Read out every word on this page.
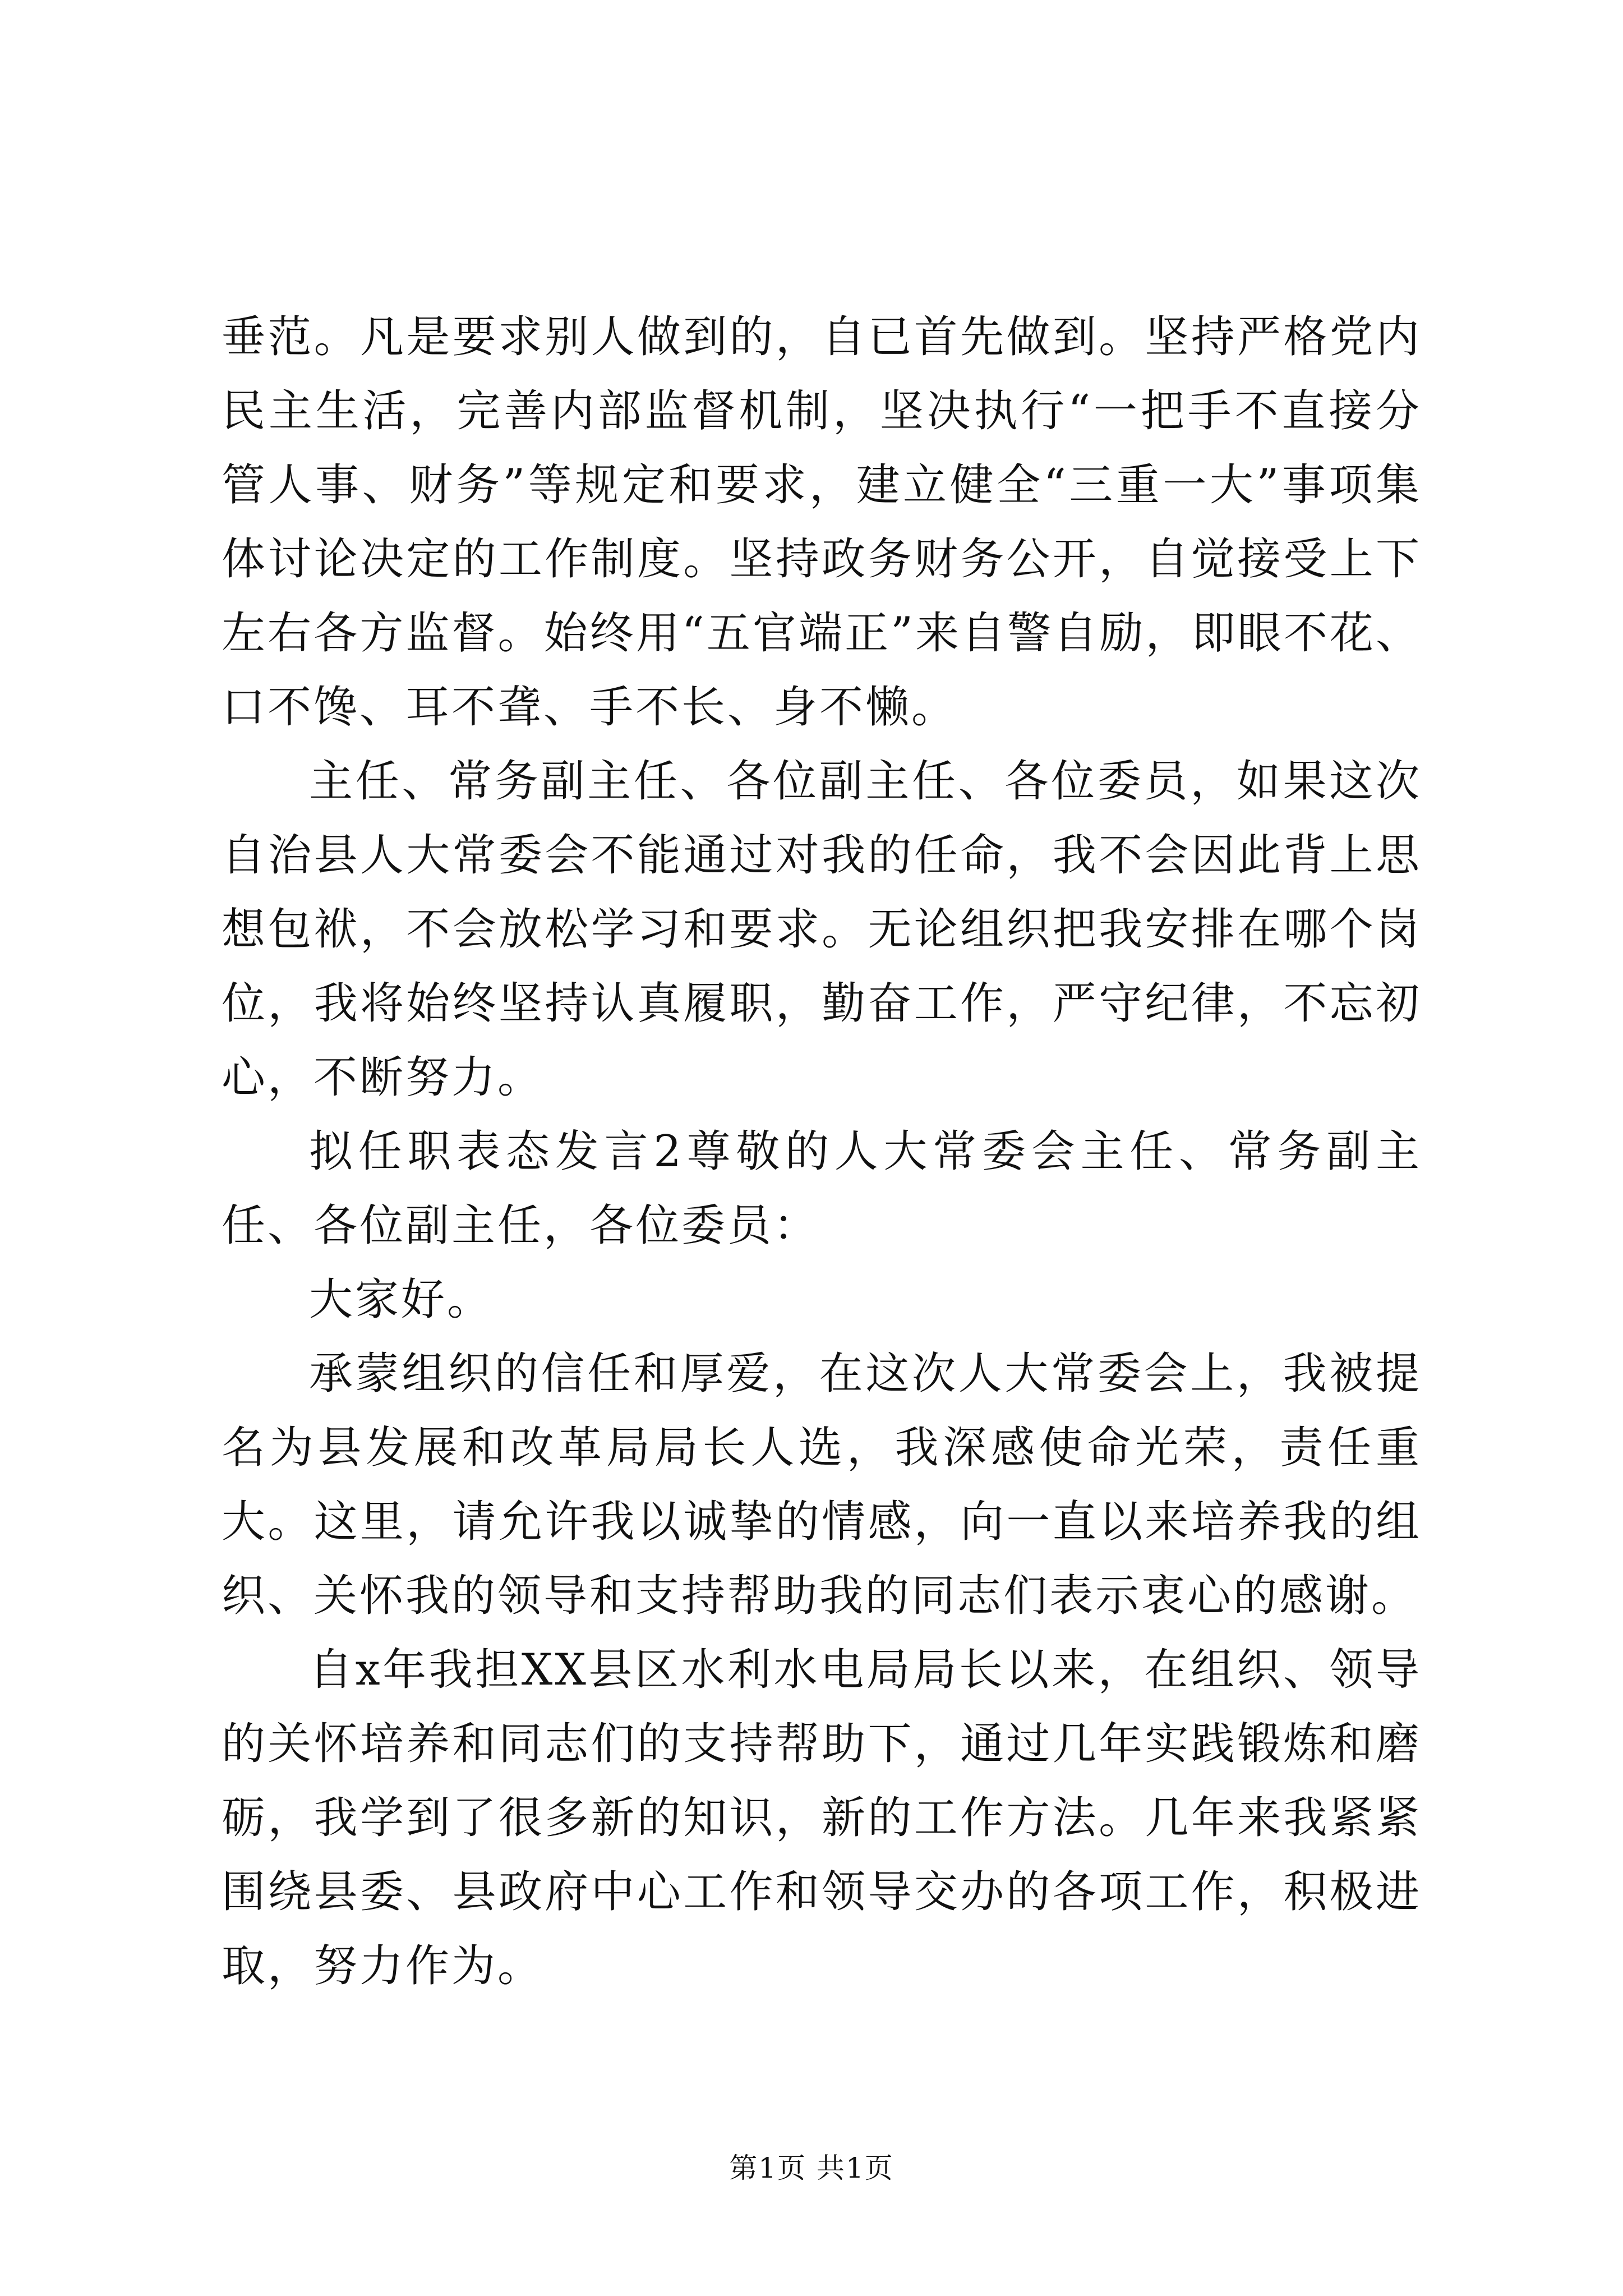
垂范。凡是要求别人做到的，自已首先做到。坚持严格党内民主生活，完善内部监督机制，坚决执行“一把手不直接分管人事、财务”等规定和要求，建立健全“三重一大”事项集体讨论决定的工作制度。坚持政务财务公开，自觉接受上下左右各方监督。始终用“五官端正”来自警自励，即眼不花、口不馋、耳不聋、手不长、身不懒。

主任、常务副主任、各位副主任、各位委员，如果这次自治县人大常委会不能通过对我的任命，我不会因此背上思想包袱，不会放松学习和要求。无论组织把我安排在哪个岗位，我将始终坚持认真履职，勤奋工作，严守纪律，不忘初心，不断努力。

拟任职表态发言2尊敬的人大常委会主任、常务副主任、各位副主任，各位委员：

大家好。

承蒙组织的信任和厚爱，在这次人大常委会上，我被提名为县发展和改革局局长人选，我深感使命光荣，责任重大。这里，请允许我以诚挚的情感，向一直以来培养我的组织、关怀我的领导和支持帮助我的同志们表示衷心的感谢。

自x年我担XX县区水利水电局局长以来，在组织、领导的关怀培养和同志们的支持帮助下，通过几年实践锻炼和磨砺，我学到了很多新的知识，新的工作方法。几年来我紧紧围绕县委、县政府中心工作和领导交办的各项工作，积极进取，努力作为。

第1页 共1页
